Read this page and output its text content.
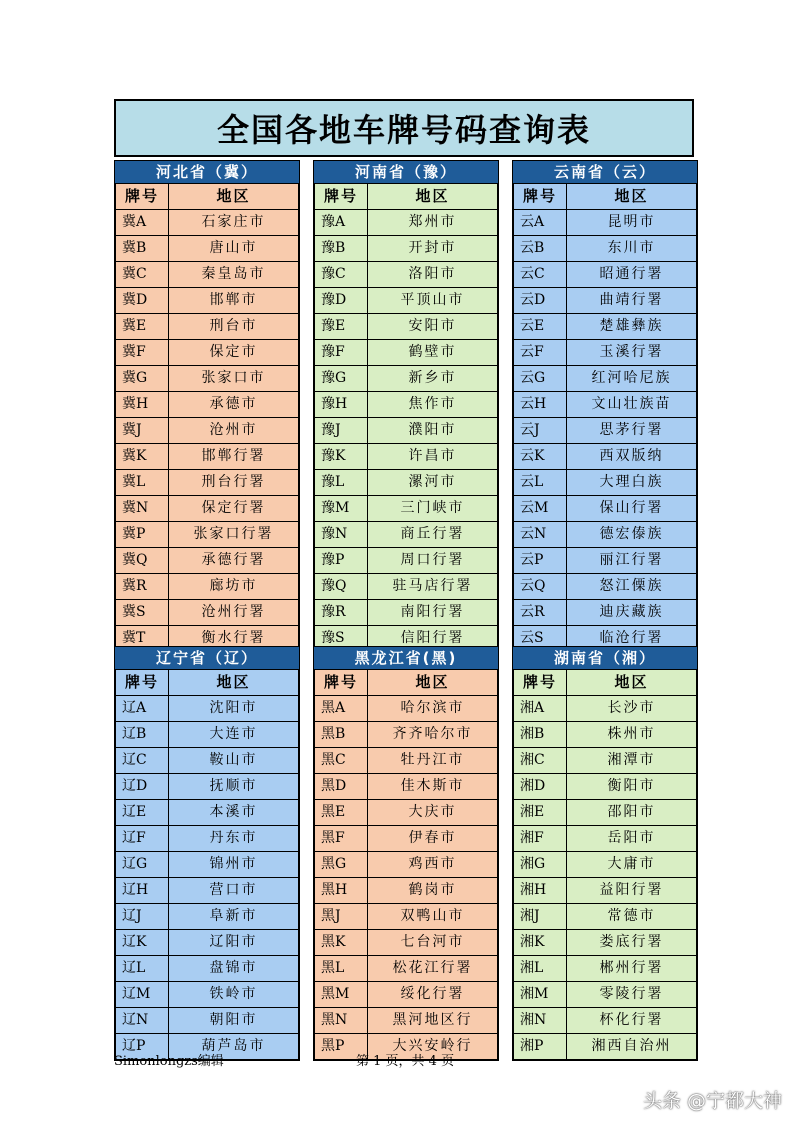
全国各地车牌号码查询表
河北省（冀）
牌号	地区
冀A	石家庄市
冀B	唐山市
冀C	秦皇岛市
冀D	邯郸市
冀E	刑台市
冀F	保定市
冀G	张家口市
冀H	承德市
冀J	沧州市
冀K	邯郸行署
冀L	刑台行署
冀N	保定行署
冀P	张家口行署
冀Q	承德行署
冀R	廊坊市
冀S	沧州行署
冀T	衡水行署
河南省（豫）
牌号	地区
豫A	郑州市
豫B	开封市
豫C	洛阳市
豫D	平顶山市
豫E	安阳市
豫F	鹤壁市
豫G	新乡市
豫H	焦作市
豫J	濮阳市
豫K	许昌市
豫L	漯河市
豫M	三门峡市
豫N	商丘行署
豫P	周口行署
豫Q	驻马店行署
豫R	南阳行署
豫S	信阳行署
云南省（云）
牌号	地区
云A	昆明市
云B	东川市
云C	昭通行署
云D	曲靖行署
云E	楚雄彝族
云F	玉溪行署
云G	红河哈尼族
云H	文山壮族苗
云J	思茅行署
云K	西双版纳
云L	大理白族
云M	保山行署
云N	德宏傣族
云P	丽江行署
云Q	怒江傈族
云R	迪庆藏族
云S	临沧行署
辽宁省（辽）
牌号	地区
辽A	沈阳市
辽B	大连市
辽C	鞍山市
辽D	抚顺市
辽E	本溪市
辽F	丹东市
辽G	锦州市
辽H	营口市
辽J	阜新市
辽K	辽阳市
辽L	盘锦市
辽M	铁岭市
辽N	朝阳市
辽P	葫芦岛市
黑龙江省(黑)
牌号	地区
黑A	哈尔滨市
黑B	齐齐哈尔市
黑C	牡丹江市
黑D	佳木斯市
黑E	大庆市
黑F	伊春市
黑G	鸡西市
黑H	鹤岗市
黑J	双鸭山市
黑K	七台河市
黑L	松花江行署
黑M	绥化行署
黑N	黑河地区行
黑P	大兴安岭行
湖南省（湘）
牌号	地区
湘A	长沙市
湘B	株州市
湘C	湘潭市
湘D	衡阳市
湘E	邵阳市
湘F	岳阳市
湘G	大庸市
湘H	益阳行署
湘J	常德市
湘K	娄底行署
湘L	郴州行署
湘M	零陵行署
湘N	杯化行署
湘P	湘西自治州
Simonlongzs编辑	第 1 页，共 4 页
头条 @宁都大神
